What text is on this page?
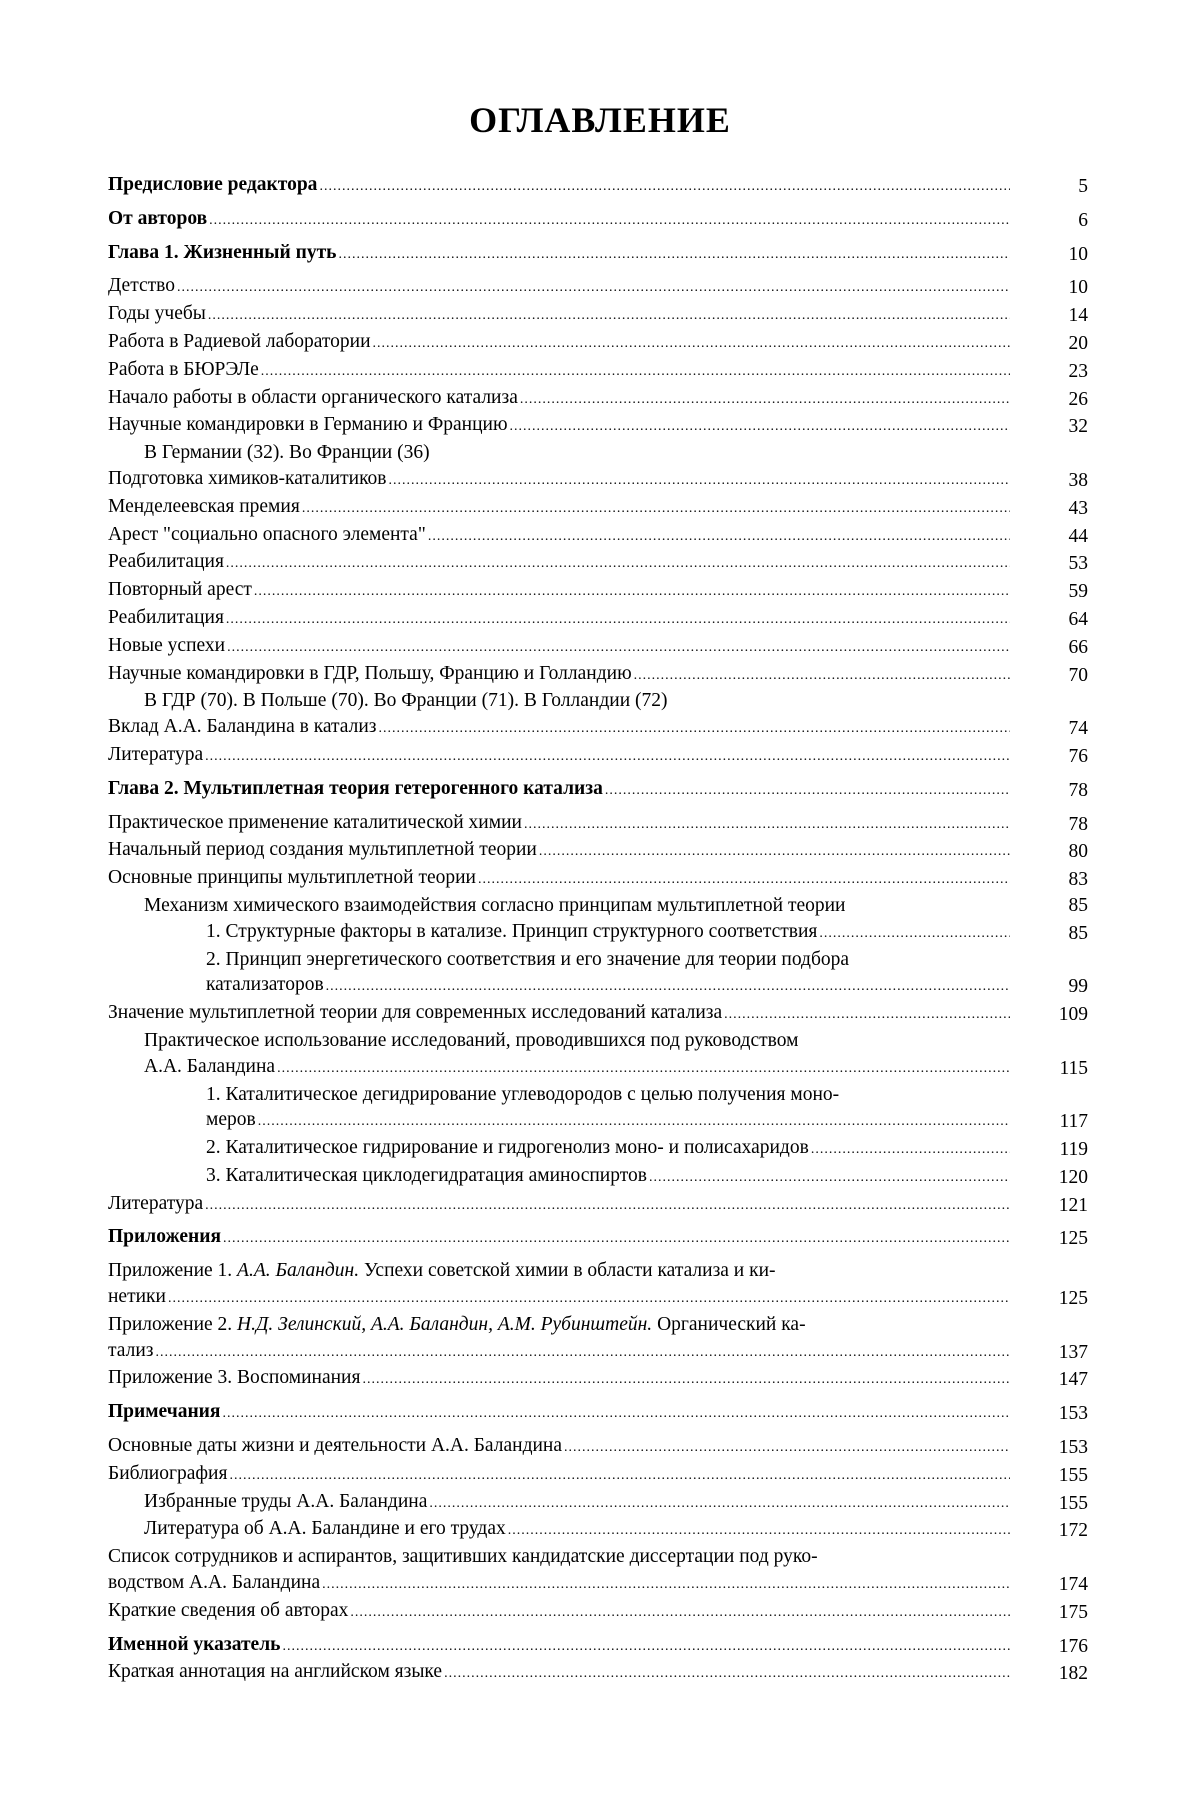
ОГЛАВЛЕНИЕ
Предисловие редактора .....	5
От авторов .....	6
Глава 1. Жизненный путь .....	10
Детство .....	10
Годы учебы .....	14
Работа в Радиевой лаборатории .....	20
Работа в БЮРЭЛе .....	23
Начало работы в области органического катализа .....	26
Научные командировки в Германию и Францию .....	32
В Германии (32). Во Франции (36)
Подготовка химиков-каталитиков .....	38
Менделеевская премия .....	43
Арест "социально опасного элемента" .....	44
Реабилитация .....	53
Повторный арест .....	59
Реабилитация .....	64
Новые успехи .....	66
Научные командировки в ГДР, Польшу, Францию и Голландию .....	70
В ГДР (70). В Польше (70). Во Франции (71). В Голландии (72)
Вклад А.А. Баландина в катализ .....	74
Литература .....	76
Глава 2. Мультиплетная теория гетерогенного катализа .....	78
Практическое применение каталитической химии .....	78
Начальный период создания мультиплетной теории .....	80
Основные принципы мультиплетной теории .....	83
Механизм химического взаимодействия согласно принципам мультиплетной теории	85
1. Структурные факторы в катализе. Принцип структурного соответствия .....	85
2. Принцип энергетического соответствия и его значение для теории подбора
катализаторов .....	99
Значение мультиплетной теории для современных исследований катализа .....	109
Практическое использование исследований, проводившихся под руководством
А.А. Баландина .....	115
1. Каталитическое дегидрирование углеводородов с целью получения моно-
меров .....	117
2. Каталитическое гидрирование и гидрогенолиз моно- и полисахаридов .....	119
3. Каталитическая циклодегидратация аминоспиртов .....	120
Литература .....	121
Приложения .....	125
Приложение 1. А.А. Баландин. Успехи советской химии в области катализа и ки-
нетики .....	125
Приложение 2. Н.Д. Зелинский, А.А. Баландин, А.М. Рубинштейн. Органический ка-
тализ .....	137
Приложение 3. Воспоминания .....	147
Примечания .....	153
Основные даты жизни и деятельности А.А. Баландина .....	153
Библиография .....	155
Избранные труды А.А. Баландина .....	155
Литература об А.А. Баландине и его трудах .....	172
Список сотрудников и аспирантов, защитивших кандидатские диссертации под руко-
водством А.А. Баландина .....	174
Краткие сведения об авторах .....	175
Именной указатель .....	176
Краткая аннотация на английском языке .....	182
